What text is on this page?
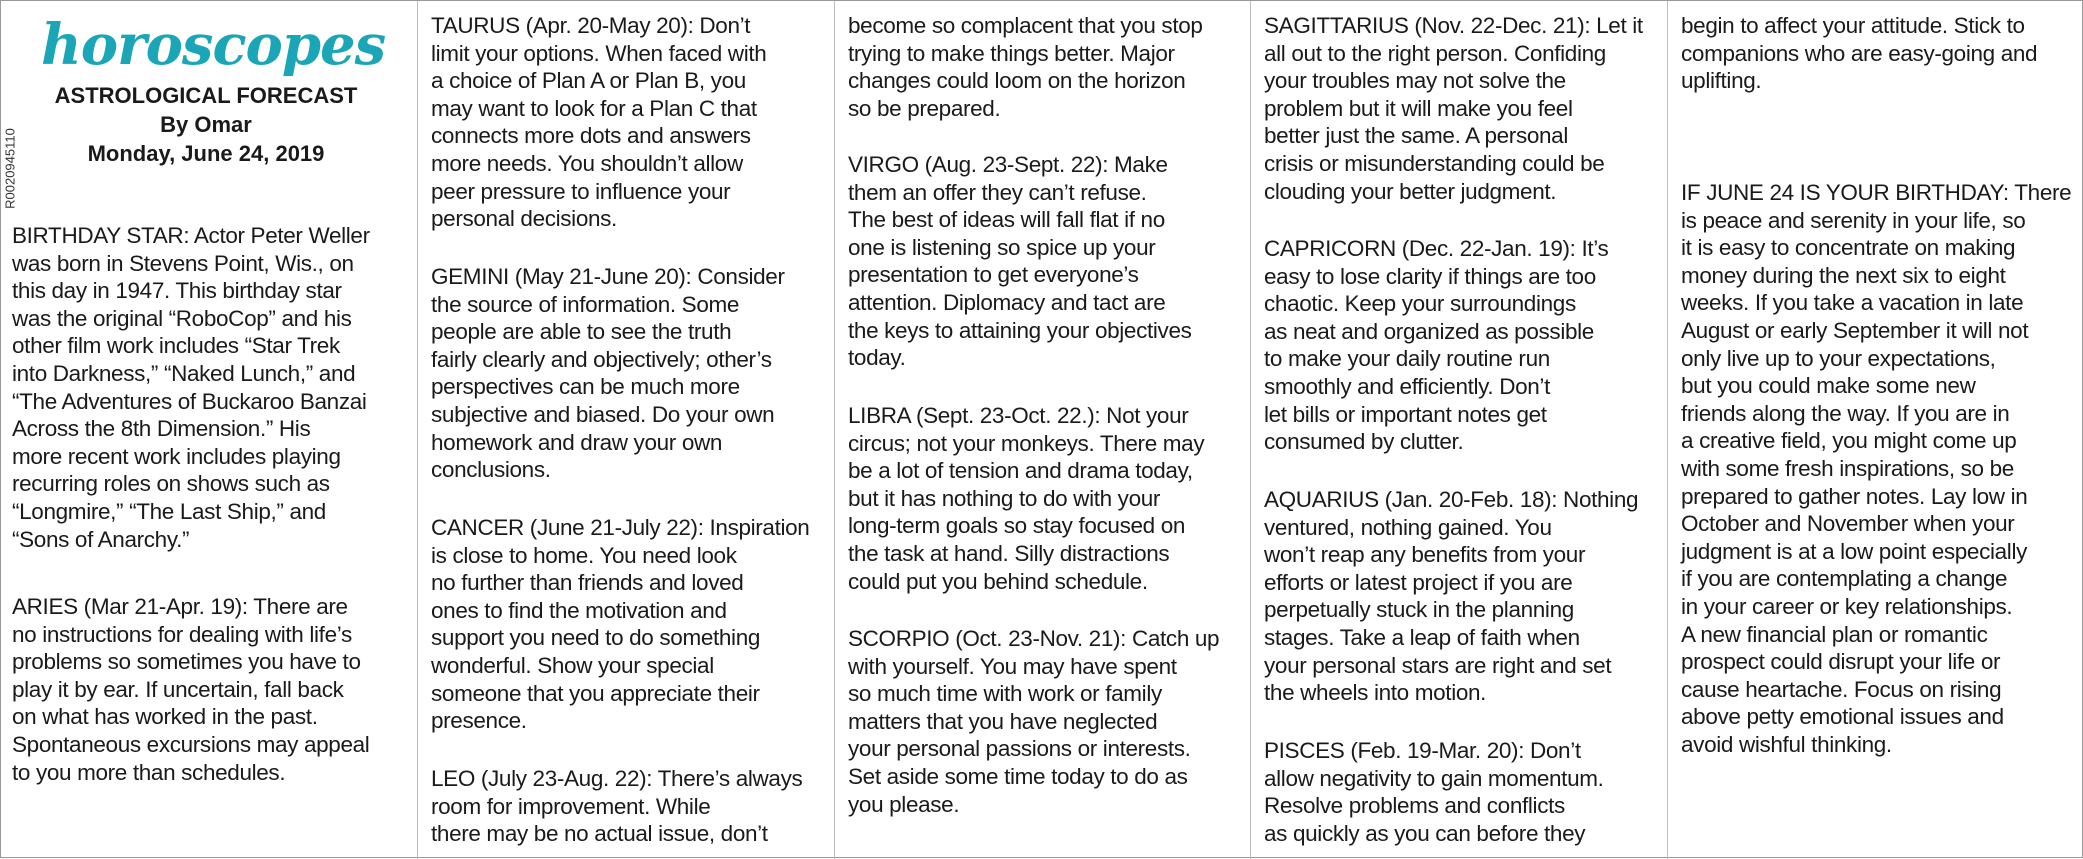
horoscopes

ASTROLOGICAL FORECAST

By Omar

Monday, June 24, 2019

R0020945110

BIRTHDAY STAR: Actor Peter Weller
was born in Stevens Point, Wis., on
this day in 1947. This birthday star
was the original “RoboCop” and his
other film work includes “Star Trek
into Darkness,” “Naked Lunch,” and
“The Adventures of Buckaroo Banzai
Across the 8th Dimension.” His
more recent work includes playing
recurring roles on shows such as
“Longmire,” “The Last Ship,” and
“Sons of Anarchy.”

ARIES (Mar 21-Apr. 19): There are
no instructions for dealing with life’s
problems so sometimes you have to
play it by ear. If uncertain, fall back
on what has worked in the past.
Spontaneous excursions may appeal
to you more than schedules.

TAURUS (Apr. 20-May 20): Don’t
limit your options. When faced with
a choice of Plan A or Plan B, you
may want to look for a Plan C that
connects more dots and answers
more needs. You shouldn’t allow
peer pressure to influence your
personal decisions.

GEMINI (May 21-June 20): Consider
the source of information. Some
people are able to see the truth
fairly clearly and objectively; other’s
perspectives can be much more
subjective and biased. Do your own
homework and draw your own
conclusions.

CANCER (June 21-July 22): Inspiration
is close to home. You need look
no further than friends and loved
ones to find the motivation and
support you need to do something
wonderful. Show your special
someone that you appreciate their
presence.

LEO (July 23-Aug. 22): There’s always
room for improvement. While
there may be no actual issue, don’t

become so complacent that you stop
trying to make things better. Major
changes could loom on the horizon
so be prepared.

VIRGO (Aug. 23-Sept. 22): Make
them an offer they can’t refuse.
The best of ideas will fall flat if no
one is listening so spice up your
presentation to get everyone’s
attention. Diplomacy and tact are
the keys to attaining your objectives
today.

LIBRA (Sept. 23-Oct. 22.): Not your
circus; not your monkeys. There may
be a lot of tension and drama today,
but it has nothing to do with your
long-term goals so stay focused on
the task at hand. Silly distractions
could put you behind schedule.

SCORPIO (Oct. 23-Nov. 21): Catch up
with yourself. You may have spent
so much time with work or family
matters that you have neglected
your personal passions or interests.
Set aside some time today to do as
you please.

SAGITTARIUS (Nov. 22-Dec. 21): Let it
all out to the right person. Confiding
your troubles may not solve the
problem but it will make you feel
better just the same. A personal
crisis or misunderstanding could be
clouding your better judgment.

CAPRICORN (Dec. 22-Jan. 19): It’s
easy to lose clarity if things are too
chaotic. Keep your surroundings
as neat and organized as possible
to make your daily routine run
smoothly and efficiently. Don’t
let bills or important notes get
consumed by clutter.

AQUARIUS (Jan. 20-Feb. 18): Nothing
ventured, nothing gained. You
won’t reap any benefits from your
efforts or latest project if you are
perpetually stuck in the planning
stages. Take a leap of faith when
your personal stars are right and set
the wheels into motion.

PISCES (Feb. 19-Mar. 20): Don’t
allow negativity to gain momentum.
Resolve problems and conflicts
as quickly as you can before they

begin to affect your attitude. Stick to
companions who are easy-going and
uplifting.

IF JUNE 24 IS YOUR BIRTHDAY: There
is peace and serenity in your life, so
it is easy to concentrate on making
money during the next six to eight
weeks. If you take a vacation in late
August or early September it will not
only live up to your expectations,
but you could make some new
friends along the way. If you are in
a creative field, you might come up
with some fresh inspirations, so be
prepared to gather notes. Lay low in
October and November when your
judgment is at a low point especially
if you are contemplating a change
in your career or key relationships.
A new financial plan or romantic
prospect could disrupt your life or
cause heartache. Focus on rising
above petty emotional issues and
avoid wishful thinking.
